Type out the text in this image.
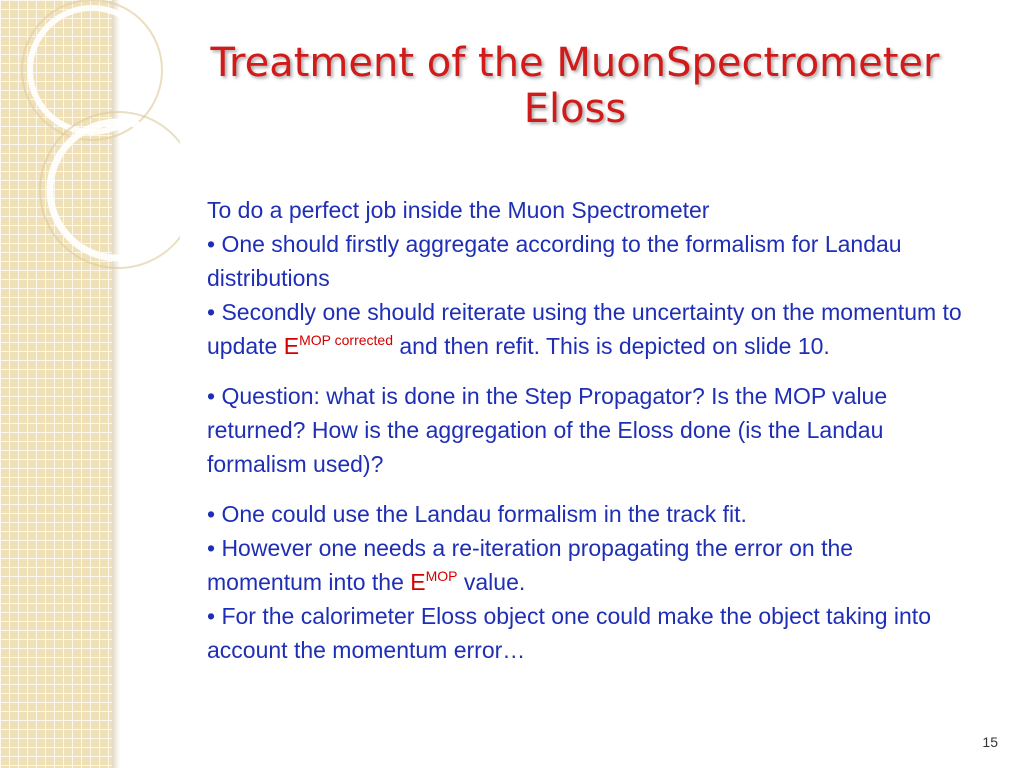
Treatment of the MuonSpectrometer Eloss

To do a perfect job inside the Muon Spectrometer

• One should firstly aggregate according to the formalism for Landau distributions

• Secondly one should reiterate using the uncertainty on the momentum to update $E^{MOP corrected}$ and then refit. This is depicted on slide 10.

• Question: what is done in the Step Propagator? Is the MOP value returned? How is the aggregation of the Eloss done (is the Landau formalism used)?

• One could use the Landau formalism in the track fit.

• However one needs a re-iteration propagating the error on the momentum into the $E^{MOP}$ value.

• For the calorimeter Eloss object one could make the object taking into account the momentum error…

15
